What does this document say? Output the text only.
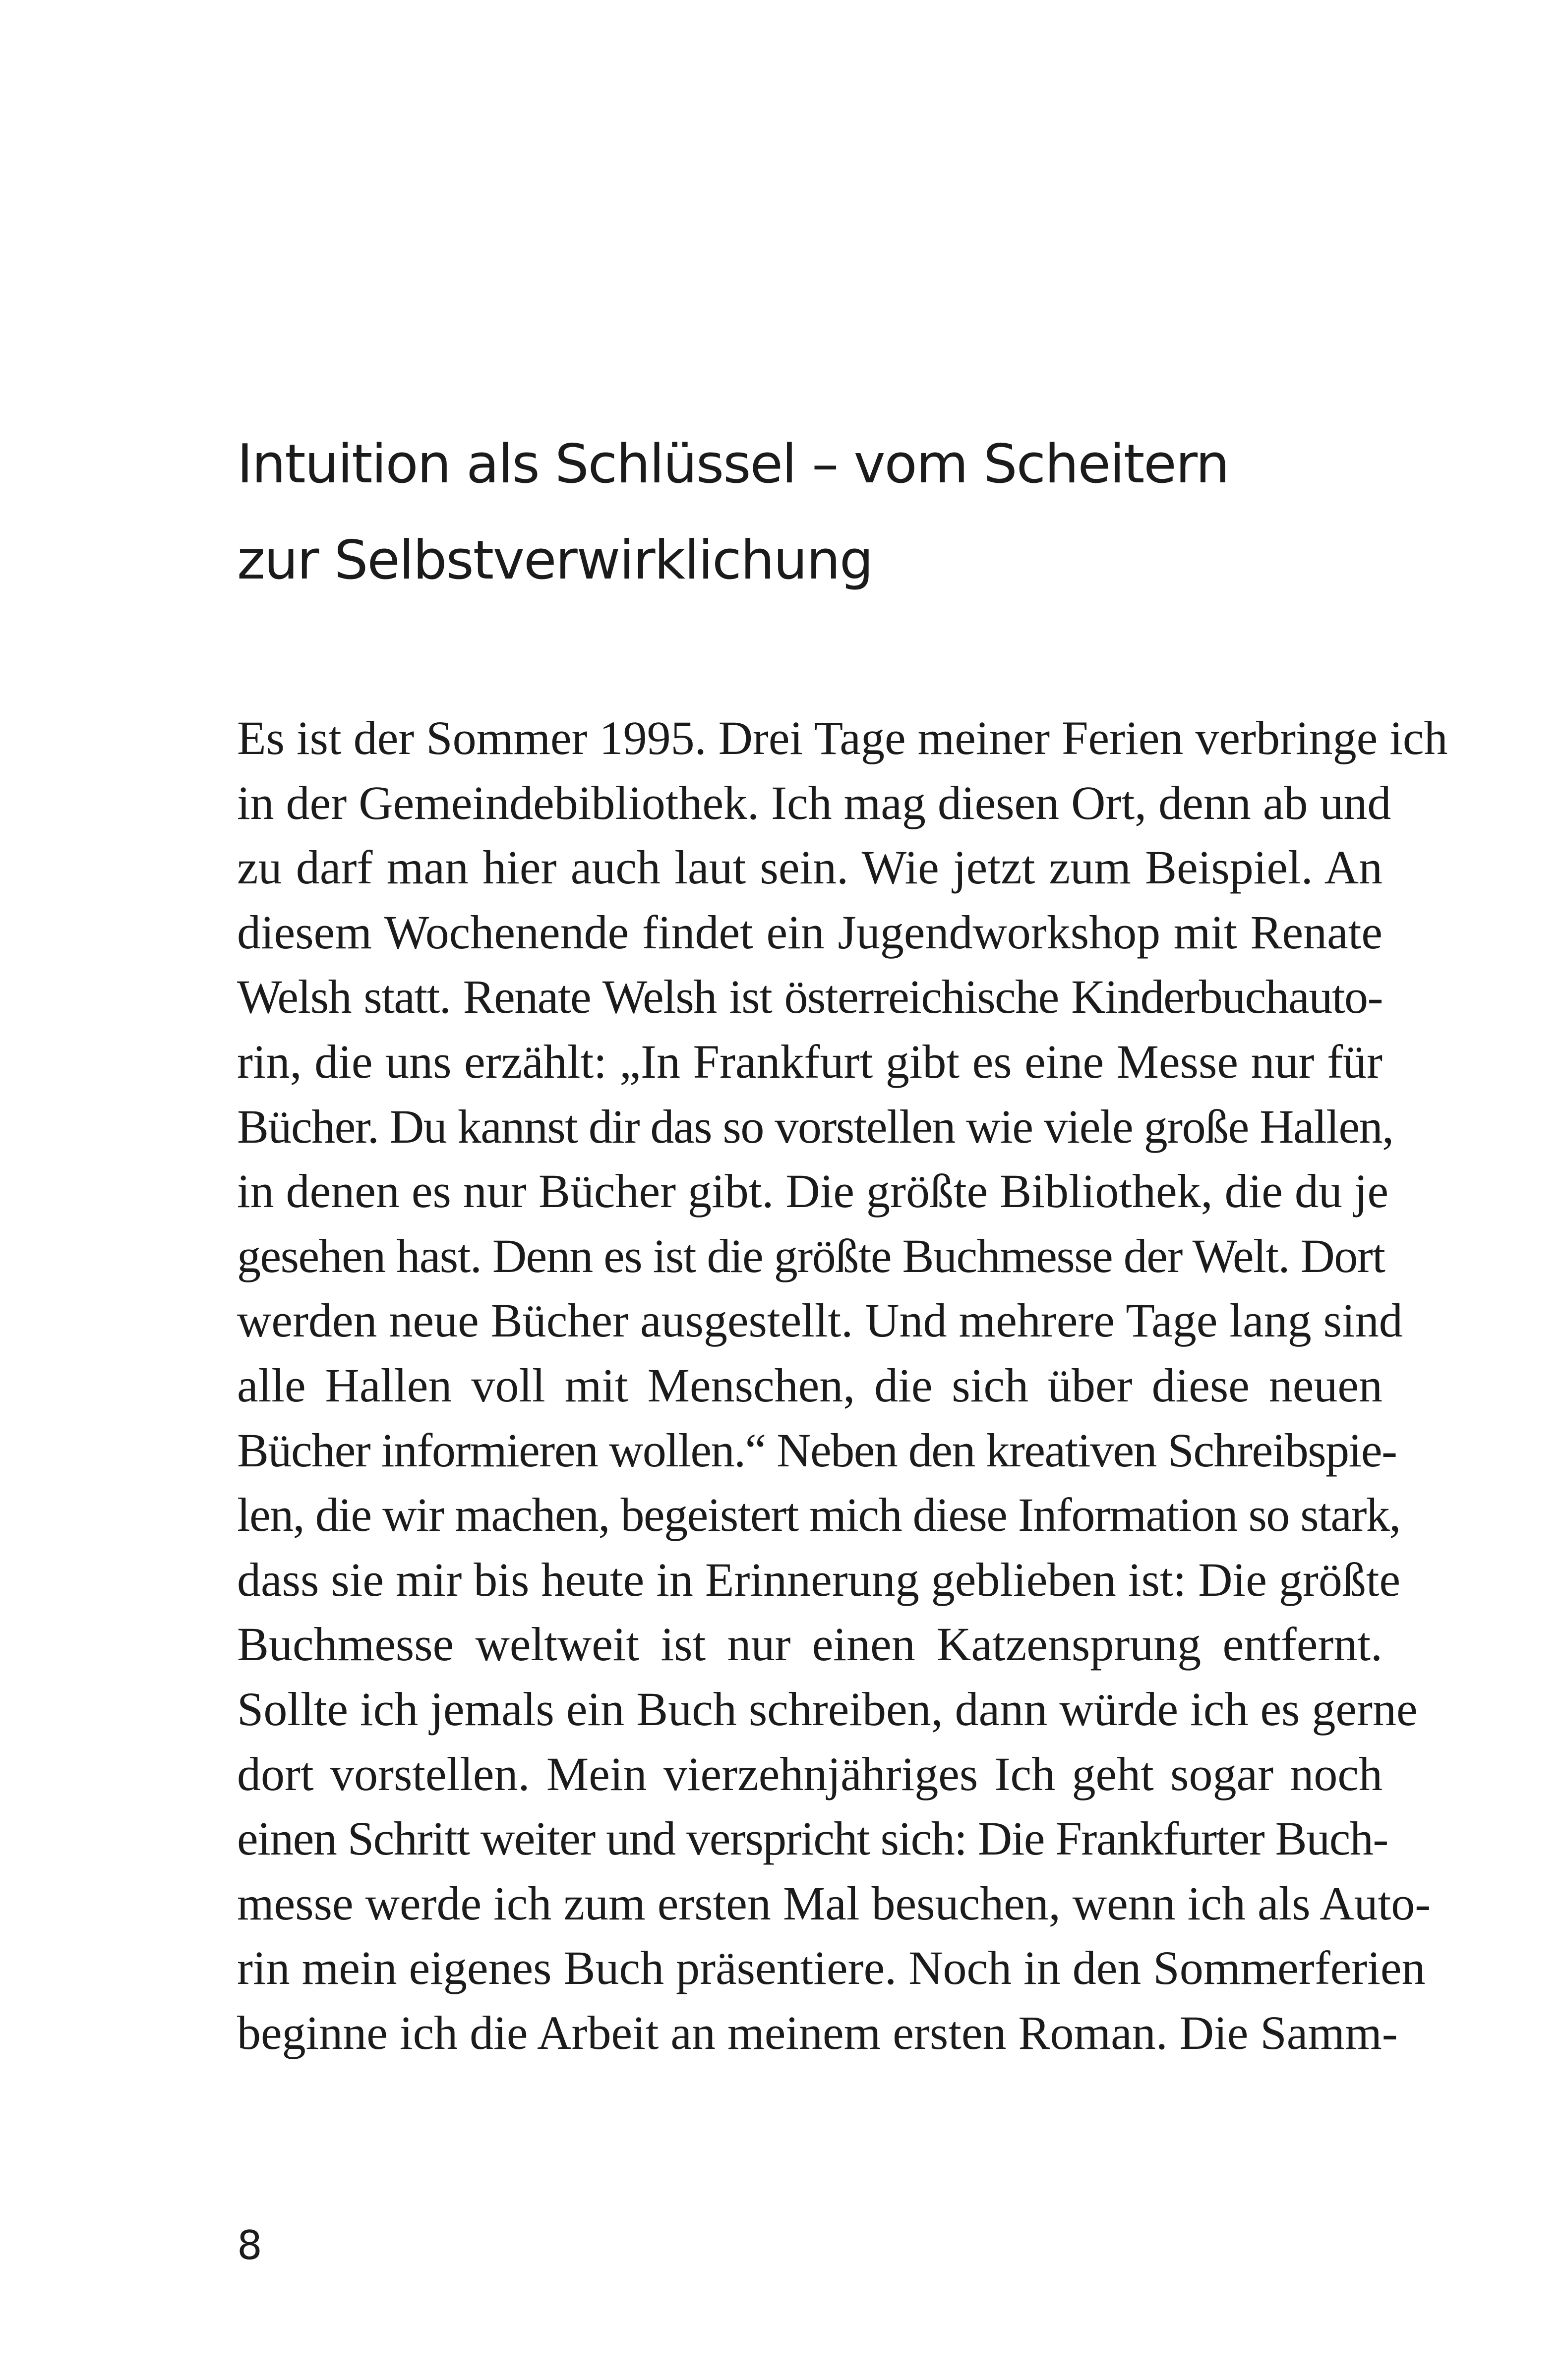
Intuition als Schlüssel – vom Scheitern
zur Selbstverwirklichung
Es ist der Sommer 1995. Drei Tage meiner Ferien verbringe ich
in der Gemeindebibliothek. Ich mag diesen Ort, denn ab und
zu darf man hier auch laut sein. Wie jetzt zum Beispiel. An
diesem Wochenende findet ein Jugendworkshop mit Renate
Welsh statt. Renate Welsh ist österreichische Kinderbuchauto-
rin, die uns erzählt: „In Frankfurt gibt es eine Messe nur für
Bücher. Du kannst dir das so vorstellen wie viele große Hallen,
in denen es nur Bücher gibt. Die größte Bibliothek, die du je
gesehen hast. Denn es ist die größte Buchmesse der Welt. Dort
werden neue Bücher ausgestellt. Und mehrere Tage lang sind
alle Hallen voll mit Menschen, die sich über diese neuen
Bücher informieren wollen.“ Neben den kreativen Schreibspie-
len, die wir machen, begeistert mich diese Information so stark,
dass sie mir bis heute in Erinnerung geblieben ist: Die größte
Buchmesse weltweit ist nur einen Katzensprung entfernt.
Sollte ich jemals ein Buch schreiben, dann würde ich es gerne
dort vorstellen. Mein vierzehnjähriges Ich geht sogar noch
einen Schritt weiter und verspricht sich: Die Frankfurter Buch-
messe werde ich zum ersten Mal besuchen, wenn ich als Auto-
rin mein eigenes Buch präsentiere. Noch in den Sommerferien
beginne ich die Arbeit an meinem ersten Roman. Die Samm-
8
